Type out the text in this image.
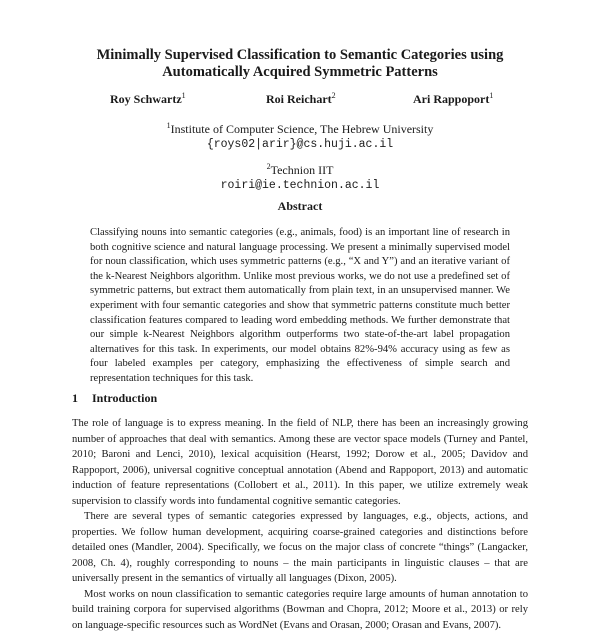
Minimally Supervised Classification to Semantic Categories using
Automatically Acquired Symmetric Patterns
Roy Schwartz$^1$	Roi Reichart$^2$	Ari Rappoport$^1$
$^1$Institute of Computer Science, The Hebrew University
{roys02|arir}@cs.huji.ac.il
$^2$Technion IIT
roiri@ie.technion.ac.il
Abstract
Classifying nouns into semantic categories (e.g., animals, food) is an important line of research in both cognitive science and natural language processing. We present a minimally supervised model for noun classification, which uses symmetric patterns (e.g., “X and Y”) and an iterative variant of the k-Nearest Neighbors algorithm. Unlike most previous works, we do not use a predefined set of symmetric patterns, but extract them automatically from plain text, in an unsupervised manner. We experiment with four semantic categories and show that symmetric patterns constitute much better classification features compared to leading word embedding methods. We further demonstrate that our simple k-Nearest Neighbors algorithm outperforms two state-of-the-art label propagation alternatives for this task. In experiments, our model obtains 82%-94% accuracy using as few as four labeled examples per category, emphasizing the effectiveness of simple search and representation techniques for this task.
1 Introduction

The role of language is to express meaning. In the field of NLP, there has been an increasingly growing number of approaches that deal with semantics. Among these are vector space models (Turney and Pantel, 2010; Baroni and Lenci, 2010), lexical acquisition (Hearst, 1992; Dorow et al., 2005; Davidov and Rappoport, 2006), universal cognitive conceptual annotation (Abend and Rappoport, 2013) and automatic induction of feature representations (Collobert et al., 2011). In this paper, we utilize extremely weak supervision to classify words into fundamental cognitive semantic categories.

There are several types of semantic categories expressed by languages, e.g., objects, actions, and properties. We follow human development, acquiring coarse-grained categories and distinctions before detailed ones (Mandler, 2004). Specifically, we focus on the major class of concrete “things” (Langacker, 2008, Ch. 4), roughly corresponding to nouns – the main participants in linguistic clauses – that are universally present in the semantics of virtually all languages (Dixon, 2005).

Most works on noun classification to semantic categories require large amounts of human annotation to build training corpora for supervised algorithms (Bowman and Chopra, 2012; Moore et al., 2013) or rely on language-specific resources such as WordNet (Evans and Orasan, 2000; Orasan and Evans, 2007).
